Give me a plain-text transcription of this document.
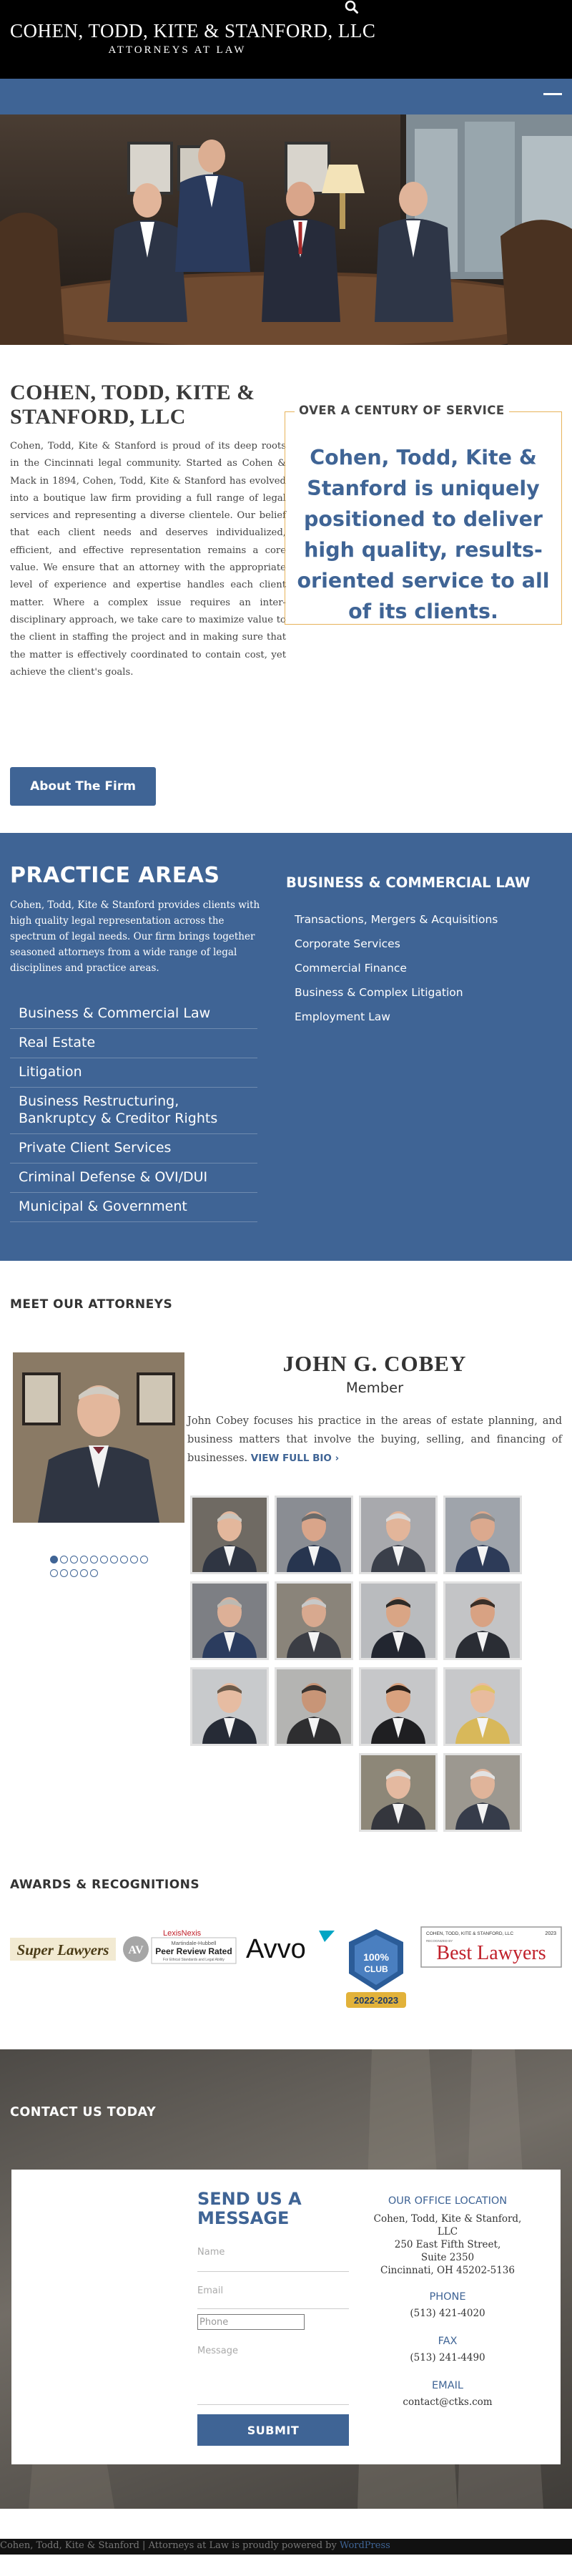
COHEN, TODD, KITE & STANFORD, LLC
ATTORNEYS AT LAW
COHEN, TODD, KITE & STANFORD, LLC

Cohen, Todd, Kite & Stanford is proud of its deep roots in the Cincinnati legal community. Started as Cohen & Mack in 1894, Cohen, Todd, Kite & Stanford has evolved into a boutique law firm providing a full range of legal services and representing a diverse clientele. Our belief that each client needs and deserves individualized, efficient, and effective representation remains a core value. We ensure that an attorney with the appropriate level of experience and expertise handles each client matter. Where a complex issue requires an inter-disciplinary approach, we take care to maximize value to the client in staffing the project and in making sure that the matter is effectively coordinated to contain cost, yet achieve the client's goals.

About The Firm
OVER A CENTURY OF SERVICE
Cohen, Todd, Kite & Stanford is uniquely positioned to deliver high quality, results-oriented service to all of its clients.
PRACTICE AREAS

Cohen, Todd, Kite & Stanford provides clients with high quality legal representation across the spectrum of legal needs. Our firm brings together seasoned attorneys from a wide range of legal disciplines and practice areas.

Business & Commercial Law
Real Estate
Litigation
Business Restructuring, Bankruptcy & Creditor Rights
Private Client Services
Criminal Defense & OVI/DUI
Municipal & Government
BUSINESS & COMMERCIAL LAW
Transactions, Mergers & Acquisitions
Corporate Services
Commercial Finance
Business & Complex Litigation
Employment Law
MEET OUR ATTORNEYS
JOHN G. COBEY
Member

John Cobey focuses his practice in the areas of estate planning, and business matters that involve the buying, selling, and financing of businesses. VIEW FULL BIO ›

AWARDS & RECOGNITIONS
Super Lawyers AV
LexisNexis
Martindale-Hubbell
Peer Review Rated
For Ethical Standards and Legal Ability Avvo	100%
CLUB
2022-2023
COHEN, TODD, KITE & STANFORD, LLC	2023
RECOGNIZED BY
Best Lawyers
CONTACT US TODAY
SEND US A MESSAGE
Name
Email
Phone
Message
SUBMIT
OUR OFFICE LOCATION
Cohen, Todd, Kite & Stanford,
LLC
250 East Fifth Street,
Suite 2350
Cincinnati, OH 45202-5136
PHONE
(513) 421-4020
FAX
(513) 241-4490
EMAIL
contact@ctks.com
Cohen, Todd, Kite & Stanford | Attorneys at Law is proudly powered by WordPress
